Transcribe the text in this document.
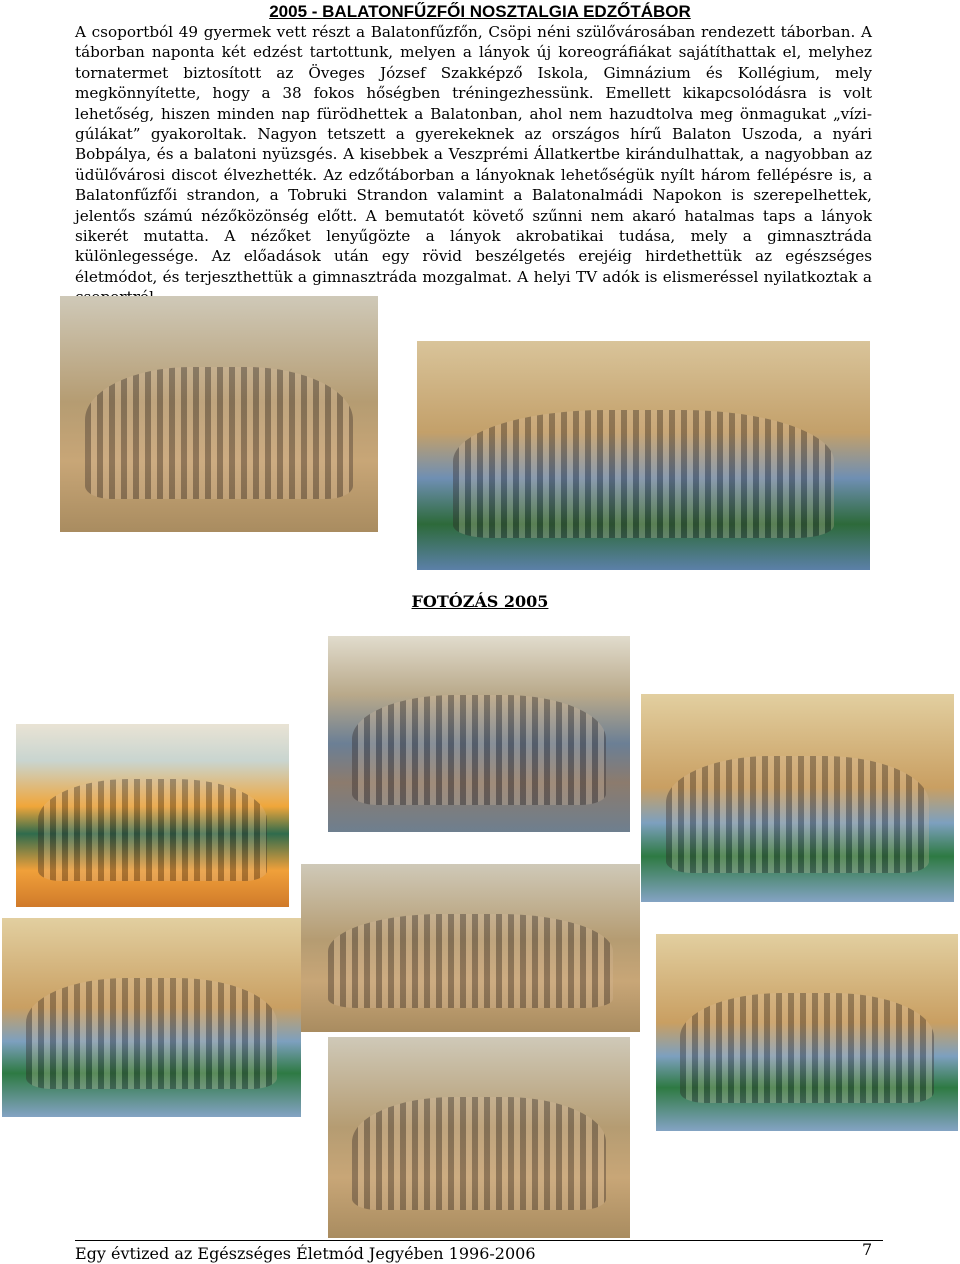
2005 - BALATONFŰZFŐI NOSZTALGIA EDZŐTÁBOR

A csoportból 49 gyermek vett részt a Balatonfűzfőn, Csöpi néni szülővárosában rendezett táborban. A táborban naponta két edzést tartottunk, melyen a lányok új koreográfiákat sajátíthattak el, melyhez tornatermet biztosított az Öveges József Szakképző Iskola, Gimnázium és Kollégium, mely megkönnyítette, hogy a 38 fokos hőségben tréningezhessünk. Emellett kikapcsolódásra is volt lehetőség, hiszen minden nap fürödhettek a Balatonban, ahol nem hazudtolva meg önmagukat „vízi-gúlákat” gyakoroltak. Nagyon tetszett a gyerekeknek az országos hírű Balaton Uszoda, a nyári Bobpálya, és a balatoni nyüzsgés. A kisebbek a Veszprémi Állatkertbe kirándulhattak, a nagyobban az üdülővárosi discot élvezhették. Az edzőtáborban a lányoknak lehetőségük nyílt három fellépésre is, a Balatonfűzfői strandon, a Tobruki Strandon valamint a Balatonalmádi Napokon is szerepelhettek, jelentős számú nézőközönség előtt. A bemutatót követő szűnni nem akaró hatalmas taps a lányok sikerét mutatta. A nézőket lenyűgözte a lányok akrobatikai tudása, mely a gimnasztráda különlegessége. Az előadások után egy rövid beszélgetés erejéig hirdethettük az egészséges életmódot, és terjeszthettük a gimnasztráda mozgalmat. A helyi TV adók is elismeréssel nyilatkoztak a

FOTÓZÁS 2005
Egy évtized az Egészséges Életmód Jegyében 1996-2006	7
